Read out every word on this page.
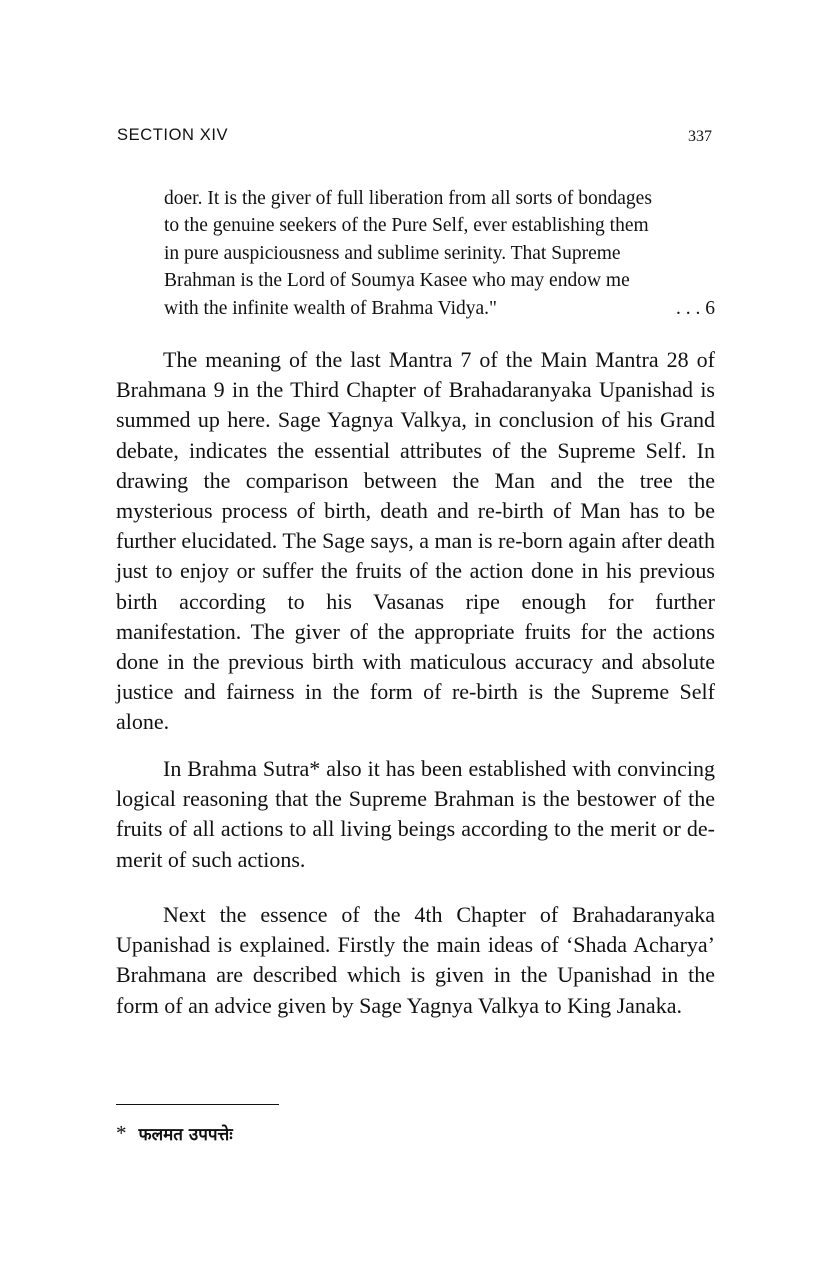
SECTION XIV	337
doer. It is the giver of full liberation from all sorts of bondages
to the genuine seekers of the Pure Self, ever establishing them
in pure auspiciousness and sublime serinity. That Supreme
Brahman is the Lord of Soumya Kasee who may endow me
with the infinite wealth of Brahma Vidya."	. . . 6

The meaning of the last Mantra 7 of the Main Mantra 28 of Brahmana 9 in the Third Chapter of Brahadaranyaka Upanishad is summed up here. Sage Yagnya Valkya, in conclusion of his Grand debate, indicates the essential attributes of the Supreme Self. In drawing the comparison between the Man and the tree the mysterious process of birth, death and re-birth of Man has to be further elucidated. The Sage says, a man is re-born again after death just to enjoy or suffer the fruits of the action done in his previous birth according to his Vasanas ripe enough for further manifestation. The giver of the appropriate fruits for the actions done in the previous birth with maticulous accuracy and absolute justice and fairness in the form of re-birth is the Supreme Self alone.

In Brahma Sutra* also it has been established with convincing logical reasoning that the Supreme Brahman is the bestower of the fruits of all actions to all living beings according to the merit or de-merit of such actions.

Next the essence of the 4th Chapter of Brahadaranyaka Upanishad is explained. Firstly the main ideas of ‘Shada Acharya’ Brahmana are described which is given in the Upanishad in the form of an advice given by Sage Yagnya Valkya to King Janaka.

* फलमत उपपत्तेः
